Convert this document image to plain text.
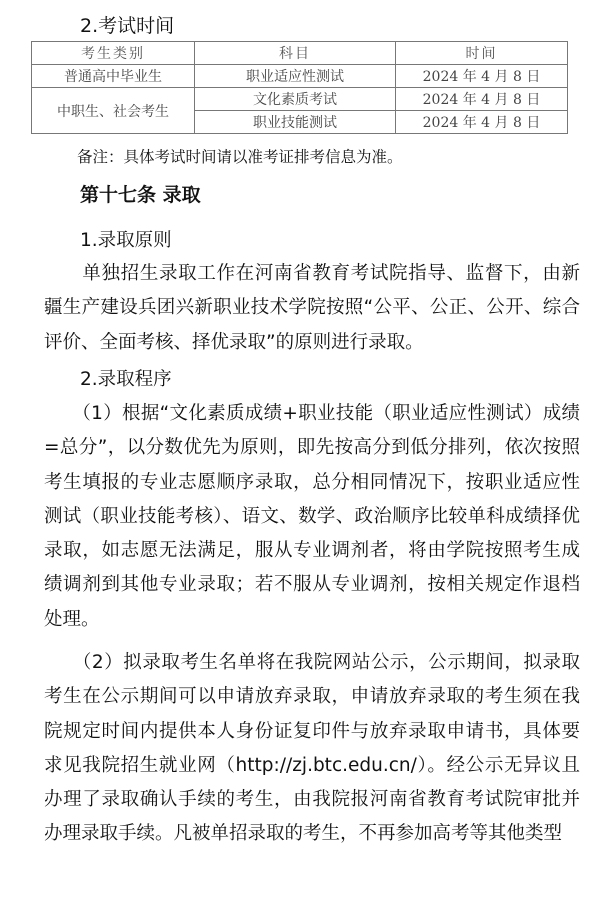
2.考试时间
考生类别	科目	时间
普通高中毕业生	职业适应性测试	2024 年 4 月 8 日
中职生、社会考生	文化素质考试	2024 年 4 月 8 日
	职业技能测试	2024 年 4 月 8 日
备注：具体考试时间请以准考证排考信息为准。
第十七条 录取
1.录取原则
　　单独招生录取工作在河南省教育考试院指导、监督下，由新疆生产建设兵团兴新职业技术学院按照“公平、公正、公开、综合评价、全面考核、择优录取”的原则进行录取。
2.录取程序
　　（1）根据“文化素质成绩+职业技能（职业适应性测试）成绩=总分”，以分数优先为原则，即先按高分到低分排列，依次按照考生填报的专业志愿顺序录取，总分相同情况下，按职业适应性测试（职业技能考核）、语文、数学、政治顺序比较单科成绩择优录取，如志愿无法满足，服从专业调剂者，将由学院按照考生成绩调剂到其他专业录取；若不服从专业调剂，按相关规定作退档处理。
　　（2）拟录取考生名单将在我院网站公示，公示期间，拟录取考生在公示期间可以申请放弃录取，申请放弃录取的考生须在我院规定时间内提供本人身份证复印件与放弃录取申请书，具体要求见我院招生就业网（http://zj.btc.edu.cn/）。经公示无异议且办理了录取确认手续的考生，由我院报河南省教育考试院审批并办理录取手续。凡被单招录取的考生，不再参加高考等其他类型
